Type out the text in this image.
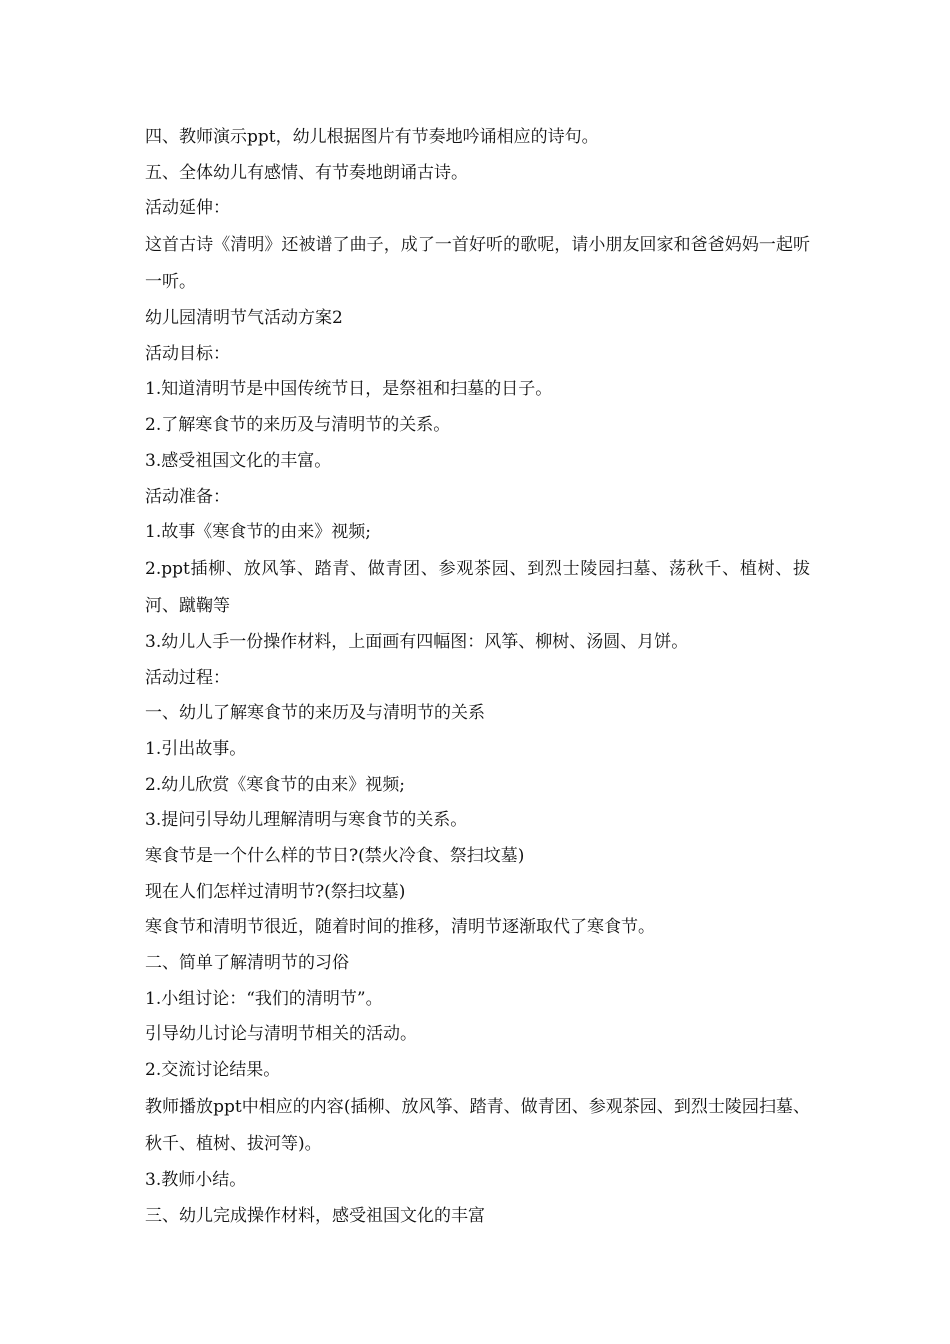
四、教师演示ppt，幼儿根据图片有节奏地吟诵相应的诗句。
五、全体幼儿有感情、有节奏地朗诵古诗。
活动延伸：
这首古诗《清明》还被谱了曲子，成了一首好听的歌呢，请小朋友回家和爸爸妈妈一起听一听。
幼儿园清明节气活动方案2
活动目标：
1.知道清明节是中国传统节日，是祭祖和扫墓的日子。
2.了解寒食节的来历及与清明节的关系。
3.感受祖国文化的丰富。
活动准备：
1.故事《寒食节的由来》视频;
2.ppt插柳、放风筝、踏青、做青团、参观茶园、到烈士陵园扫墓、荡秋千、植树、拔河、蹴鞠等
3.幼儿人手一份操作材料，上面画有四幅图：风筝、柳树、汤圆、月饼。
活动过程：
一、幼儿了解寒食节的来历及与清明节的关系
1.引出故事。
2.幼儿欣赏《寒食节的由来》视频;
3.提问引导幼儿理解清明与寒食节的关系。
寒食节是一个什么样的节日?(禁火冷食、祭扫坟墓)
现在人们怎样过清明节?(祭扫坟墓)
寒食节和清明节很近，随着时间的推移，清明节逐渐取代了寒食节。
二、简单了解清明节的习俗
1.小组讨论：“我们的清明节”。
引导幼儿讨论与清明节相关的活动。
2.交流讨论结果。
教师播放ppt中相应的内容(插柳、放风筝、踏青、做青团、参观茶园、到烈士陵园扫墓、秋千、植树、拔河等)。
3.教师小结。
三、幼儿完成操作材料，感受祖国文化的丰富
